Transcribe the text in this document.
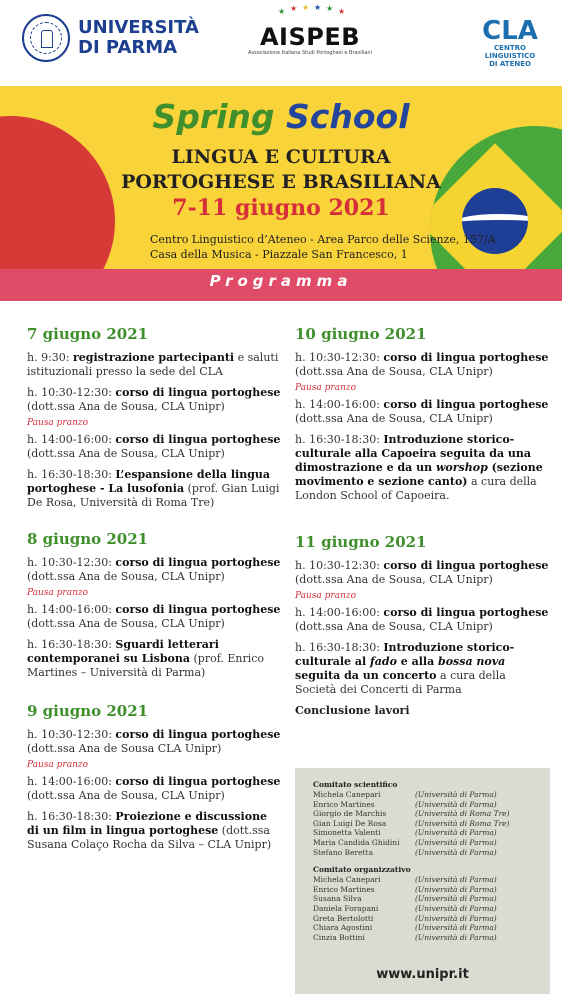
UNIVERSITÀ
DI PARMA
★ ★ ★ ★ ★ ★
AISPEB
Associazione Italiana Studi Portoghesi e Brasiliani
CLA
CENTRO
LINGUISTICO
DI ATENEO
Spring School
LINGUA E CULTURA
PORTOGHESE E BRASILIANA
7-11 giugno 2021
Centro Linguistico d’Ateneo - Area Parco delle Scienze, 157/A
Casa della Musica - Piazzale San Francesco, 1
Programma
7 giugno 2021
h. 9:30: registrazione partecipanti e saluti istituzionali presso la sede del CLA
h. 10:30-12:30: corso di lingua portoghese (dott.ssa Ana de Sousa, CLA Unipr)
Pausa pranzo
h. 14:00-16:00: corso di lingua portoghese (dott.ssa Ana de Sousa, CLA Unipr)
h. 16:30-18:30: L’espansione della lingua portoghese - La lusofonia (prof. Gian Luigi De Rosa, Università di Roma Tre)
8 giugno 2021
h. 10:30-12:30: corso di lingua portoghese (dott.ssa Ana de Sousa, CLA Unipr)
Pausa pranzo
h. 14:00-16:00: corso di lingua portoghese (dott.ssa Ana de Sousa, CLA Unipr)
h. 16:30-18:30: Sguardi letterari contemporanei su Lisbona (prof. Enrico Martines – Università di Parma)
9 giugno 2021
h. 10:30-12:30: corso di lingua portoghese (dott.ssa Ana de Sousa CLA Unipr)
Pausa pranzo
h. 14:00-16:00: corso di lingua portoghese (dott.ssa Ana de Sousa, CLA Unipr)
h. 16:30-18:30: Proiezione e discussione di un film in lingua portoghese (dott.ssa Susana Colaço Rocha da Silva – CLA Unipr)
10 giugno 2021
h. 10:30-12:30: corso di lingua portoghese (dott.ssa Ana de Sousa, CLA Unipr)
Pausa pranzo
h. 14:00-16:00: corso di lingua portoghese (dott.ssa Ana de Sousa, CLA Unipr)
h. 16:30-18:30: Introduzione storico-culturale alla Capoeira seguita da una dimostrazione e da un worshop (sezione movimento e sezione canto) a cura della London School of Capoeira.
11 giugno 2021
h. 10:30-12:30: corso di lingua portoghese (dott.ssa Ana de Sousa, CLA Unipr)
Pausa pranzo
h. 14:00-16:00: corso di lingua portoghese (dott.ssa Ana de Sousa, CLA Unipr)
h. 16:30-18:30: Introduzione storico-culturale al fado e alla bossa nova seguita da un concerto a cura della Società dei Concerti di Parma
Conclusione lavori
Comitato scientifico
Michela Canepari	(Università di Parma)
Enrico Martines	(Università di Parma)
Giorgio de Marchis	(Università di Roma Tre)
Gian Luigi De Rosa	(Università di Roma Tre)
Simonetta Valenti	(Università di Parma)
Maria Candida Ghidini	(Università di Parma)
Stefano Beretta	(Università di Parma)
Comitato organizzativo
Michela Canepari	(Università di Parma)
Enrico Martines	(Università di Parma)
Susana Silva	(Università di Parma)
Daniela Forapani	(Università di Parma)
Greta Bertolotti	(Università di Parma)
Chiara Agostini	(Università di Parma)
Cinzia Bottini	(Università di Parma)
www.unipr.it
